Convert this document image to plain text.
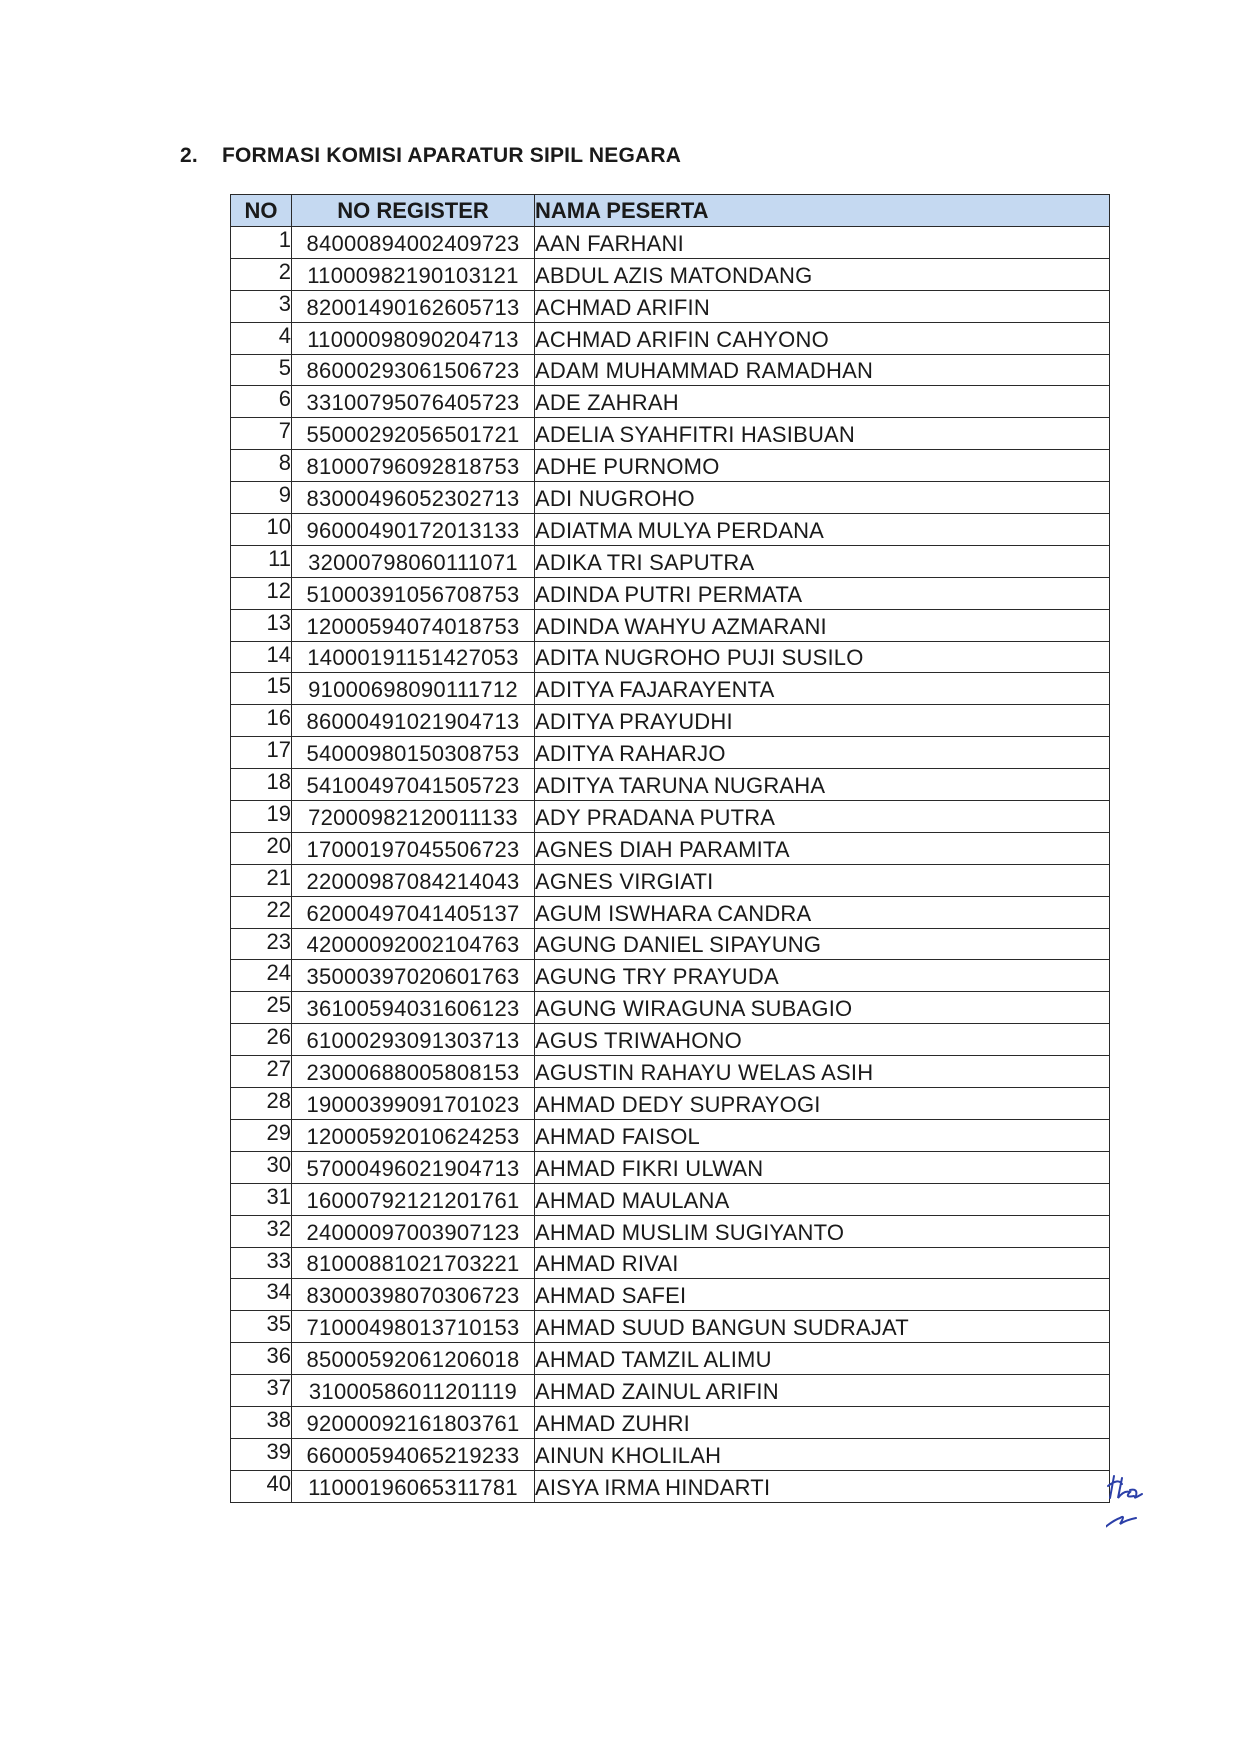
2. FORMASI KOMISI APARATUR SIPIL NEGARA
NO	NO REGISTER	NAMA PESERTA
1	84000894002409723	AAN FARHANI
2	11000982190103121	ABDUL AZIS MATONDANG
3	82001490162605713	ACHMAD ARIFIN
4	11000098090204713	ACHMAD ARIFIN CAHYONO
5	86000293061506723	ADAM MUHAMMAD RAMADHAN
6	33100795076405723	ADE ZAHRAH
7	55000292056501721	ADELIA SYAHFITRI HASIBUAN
8	81000796092818753	ADHE PURNOMO
9	83000496052302713	ADI NUGROHO
10	96000490172013133	ADIATMA MULYA PERDANA
11	32000798060111071	ADIKA TRI SAPUTRA
12	51000391056708753	ADINDA PUTRI PERMATA
13	12000594074018753	ADINDA WAHYU AZMARANI
14	14000191151427053	ADITA NUGROHO PUJI SUSILO
15	91000698090111712	ADITYA FAJARAYENTA
16	86000491021904713	ADITYA PRAYUDHI
17	54000980150308753	ADITYA RAHARJO
18	54100497041505723	ADITYA TARUNA NUGRAHA
19	72000982120011133	ADY PRADANA PUTRA
20	17000197045506723	AGNES DIAH PARAMITA
21	22000987084214043	AGNES VIRGIATI
22	62000497041405137	AGUM ISWHARA CANDRA
23	42000092002104763	AGUNG DANIEL SIPAYUNG
24	35000397020601763	AGUNG TRY PRAYUDA
25	36100594031606123	AGUNG WIRAGUNA SUBAGIO
26	61000293091303713	AGUS TRIWAHONO
27	23000688005808153	AGUSTIN RAHAYU WELAS ASIH
28	19000399091701023	AHMAD DEDY SUPRAYOGI
29	12000592010624253	AHMAD FAISOL
30	57000496021904713	AHMAD FIKRI ULWAN
31	16000792121201761	AHMAD MAULANA
32	24000097003907123	AHMAD MUSLIM SUGIYANTO
33	81000881021703221	AHMAD RIVAI
34	83000398070306723	AHMAD SAFEI
35	71000498013710153	AHMAD SUUD BANGUN SUDRAJAT
36	85000592061206018	AHMAD TAMZIL ALIMU
37	31000586011201119	AHMAD ZAINUL ARIFIN
38	92000092161803761	AHMAD ZUHRI
39	66000594065219233	AINUN KHOLILAH
40	11000196065311781	AISYA IRMA HINDARTI
